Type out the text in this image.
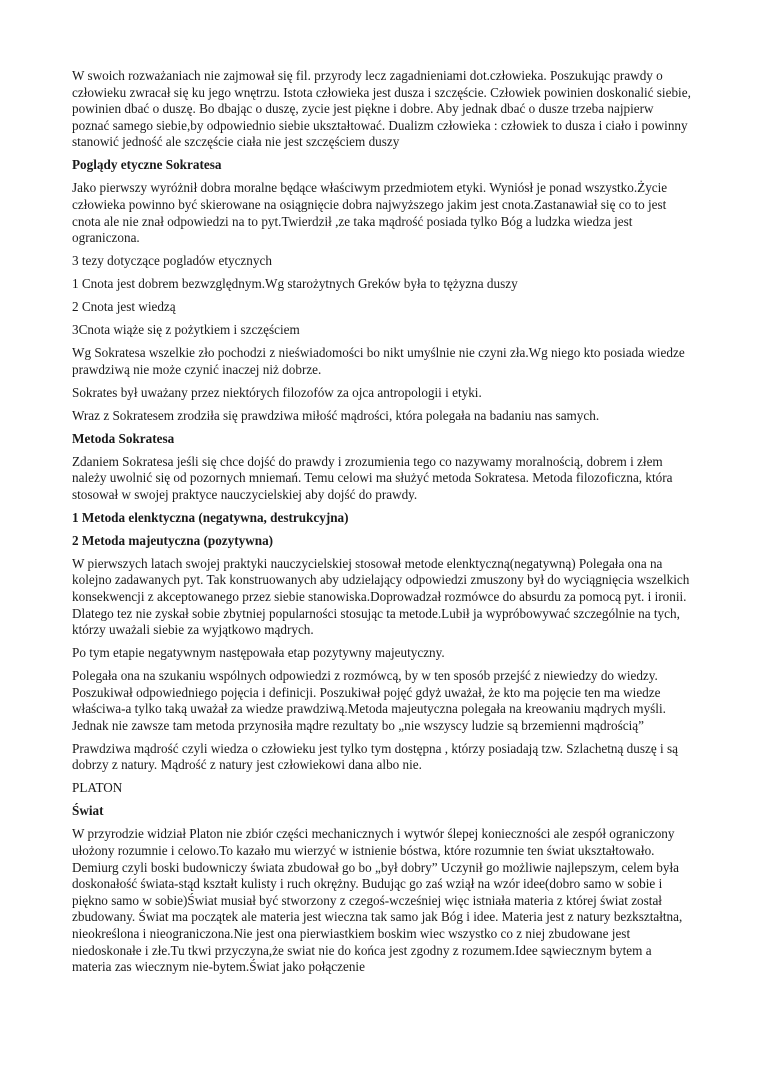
W swoich rozważaniach nie zajmował się fil. przyrody lecz zagadnieniami dot.człowieka. Poszukując prawdy o człowieku zwracał się ku jego wnętrzu. Istota człowieka jest dusza i szczęście. Człowiek powinien doskonalić siebie, powinien dbać o duszę. Bo dbając o duszę, zycie jest piękne i dobre. Aby jednak dbać o dusze trzeba najpierw poznać samego siebie,by odpowiednio siebie ukształtować. Dualizm człowieka : człowiek to dusza i ciało i powinny stanowić jedność ale szczęście ciała nie jest szczęściem duszy

Poglądy etyczne Sokratesa

Jako pierwszy wyróżnił dobra moralne będące właściwym przedmiotem etyki. Wyniósł je ponad wszystko.Życie człowieka powinno być skierowane na osiągnięcie dobra najwyższego jakim jest cnota.Zastanawiał się co to jest cnota ale nie znał odpowiedzi na to pyt.Twierdził ,ze taka mądrość posiada tylko Bóg a ludzka wiedza jest ograniczona.

3 tezy dotyczące pogladów etycznych

1 Cnota jest dobrem bezwzględnym.Wg starożytnych Greków była to tężyzna duszy

2 Cnota jest wiedzą

3Cnota wiąże się z pożytkiem i szczęściem

Wg Sokratesa wszelkie zło pochodzi z nieświadomości bo nikt umyślnie nie czyni zła.Wg niego kto posiada wiedze prawdziwą nie może czynić inaczej niż dobrze.

Sokrates był uważany przez niektórych filozofów za ojca antropologii i etyki.

Wraz z Sokratesem zrodziła się prawdziwa miłość mądrości, która polegała na badaniu nas samych.

Metoda Sokratesa

Zdaniem Sokratesa jeśli się chce dojść do prawdy i zrozumienia tego co nazywamy moralnością, dobrem i złem należy uwolnić się od pozornych mniemań. Temu celowi ma służyć metoda Sokratesa. Metoda filozoficzna, która stosował w swojej praktyce nauczycielskiej aby dojść do prawdy.

1 Metoda elenktyczna (negatywna, destrukcyjna)
2 Metoda majeutyczna (pozytywna)

W pierwszych latach swojej praktyki nauczycielskiej stosował metode elenktyczną(negatywną) Polegała ona na kolejno zadawanych pyt. Tak konstruowanych aby udzielający odpowiedzi zmuszony był do wyciągnięcia wszelkich konsekwencji z akceptowanego przez siebie stanowiska.Doprowadzał rozmówce do absurdu za pomocą pyt. i ironii. Dlatego tez nie zyskał sobie zbytniej popularności stosując ta metode.Lubił ja wypróbowywać szczególnie na tych, którzy uważali siebie za wyjątkowo mądrych.

Po tym etapie negatywnym następowała etap pozytywny majeutyczny.

Polegała ona na szukaniu wspólnych odpowiedzi z rozmówcą, by w ten sposób przejść z niewiedzy do wiedzy. Poszukiwał odpowiedniego pojęcia i definicji. Poszukiwał pojęć gdyż uważał, że kto ma pojęcie ten ma wiedze właściwa-a tylko taką uważał za wiedze prawdziwą.Metoda majeutyczna polegała na kreowaniu mądrych myśli. Jednak nie zawsze tam metoda przynosiła mądre rezultaty bo „nie wszyscy ludzie są brzemienni mądrością”

Prawdziwa mądrość czyli wiedza o człowieku jest tylko tym dostępna , którzy posiadają tzw. Szlachetną duszę i są dobrzy z natury. Mądrość z natury jest człowiekowi dana albo nie.

PLATON

Świat

W przyrodzie widział Platon nie zbiór części mechanicznych i wytwór ślepej konieczności ale zespół ograniczony ułożony rozumnie i celowo.To kazało mu wierzyć w istnienie bóstwa, które rozumnie ten świat ukształtowało. Demiurg czyli boski budowniczy świata zbudował go bo „był dobry” Uczynił go możliwie najlepszym, celem była doskonałość świata-stąd kształt kulisty i ruch okrężny. Budując go zaś wziął na wzór idee(dobro samo w sobie i piękno samo w sobie)Świat musiał być stworzony z czegoś-wcześniej więc istniała materia z której świat został zbudowany. Świat ma początek ale materia jest wieczna tak samo jak Bóg i idee. Materia jest z natury bezkształtna, nieokreślona i nieograniczona.Nie jest ona pierwiastkiem boskim wiec wszystko co z niej zbudowane jest niedoskonałe i złe.Tu tkwi przyczyna,że swiat nie do końca jest zgodny z rozumem.Idee sąwiecznym bytem a materia zas wiecznym nie-bytem.Świat jako połączenie
